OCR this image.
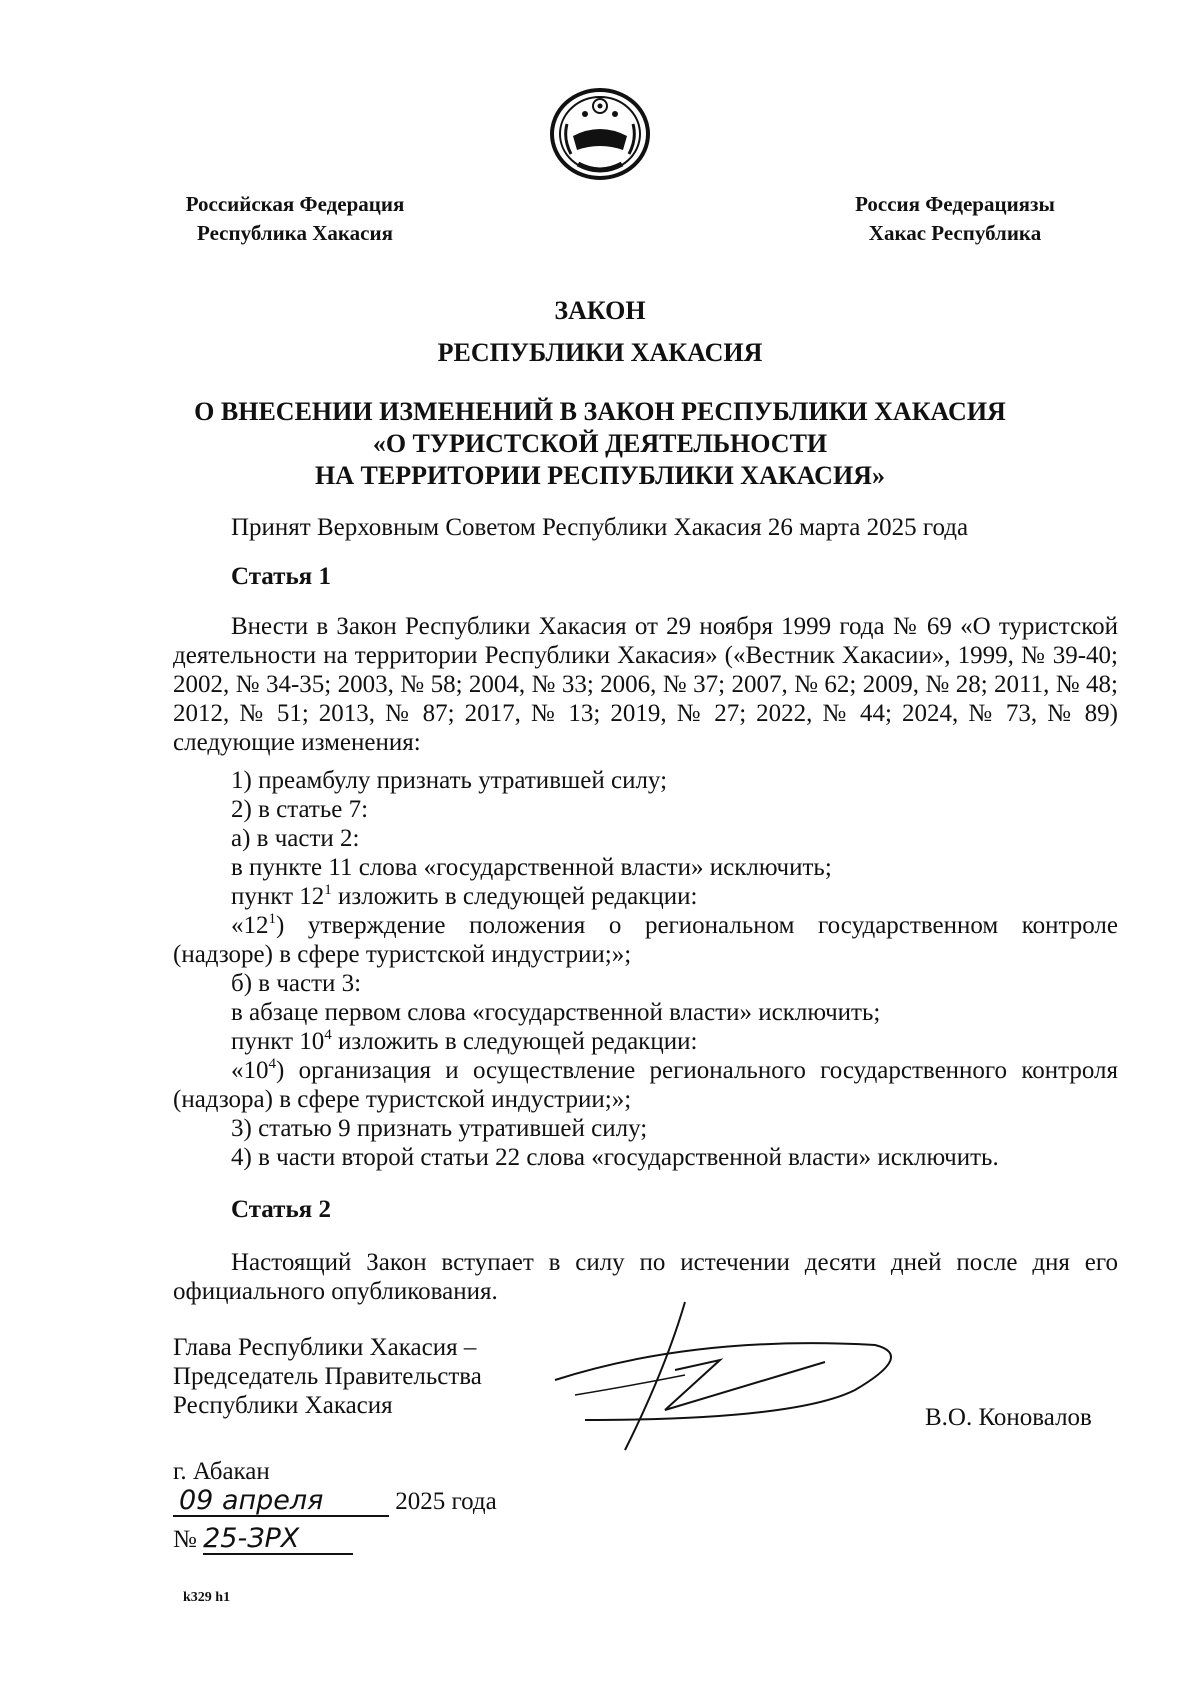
Российская Федерация
Республика Хакасия
Россия Федерациязы
Хакас Республика
ЗАКОН
РЕСПУБЛИКИ ХАКАСИЯ
О ВНЕСЕНИИ ИЗМЕНЕНИЙ В ЗАКОН РЕСПУБЛИКИ ХАКАСИЯ
«О ТУРИСТСКОЙ ДЕЯТЕЛЬНОСТИ
НА ТЕРРИТОРИИ РЕСПУБЛИКИ ХАКАСИЯ»
Принят Верховным Советом Республики Хакасия 26 марта 2025 года
Статья 1
Внести в Закон Республики Хакасия от 29 ноября 1999 года № 69 «О туристской деятельности на территории Республики Хакасия» («Вестник Хакасии», 1999, № 39-40; 2002, № 34-35; 2003, № 58; 2004, № 33; 2006, № 37; 2007, № 62; 2009, № 28; 2011, № 48; 2012, № 51; 2013, № 87; 2017, № 13; 2019, № 27; 2022, № 44; 2024, № 73, № 89) следующие изменения:
1) преамбулу признать утратившей силу;
2) в статье 7:
а) в части 2:
в пункте 11 слова «государственной власти» исключить;
пункт $12^1$ изложить в следующей редакции:
«$12^1$) утверждение положения о региональном государственном контроле (надзоре) в сфере туристской индустрии;»;
б) в части 3:
в абзаце первом слова «государственной власти» исключить;
пункт $10^4$ изложить в следующей редакции:
«$10^4$) организация и осуществление регионального государственного контроля (надзора) в сфере туристской индустрии;»;
3) статью 9 признать утратившей силу;
4) в части второй статьи 22 слова «государственной власти» исключить.
Статья 2
Настоящий Закон вступает в силу по истечении десяти дней после дня его официального опубликования.
Глава Республики Хакасия –
Председатель Правительства
Республики Хакасия	В.О. Коновалов
г. Абакан
09 апреля	2025 года
№ 25-ЗРХ
k329 h1
